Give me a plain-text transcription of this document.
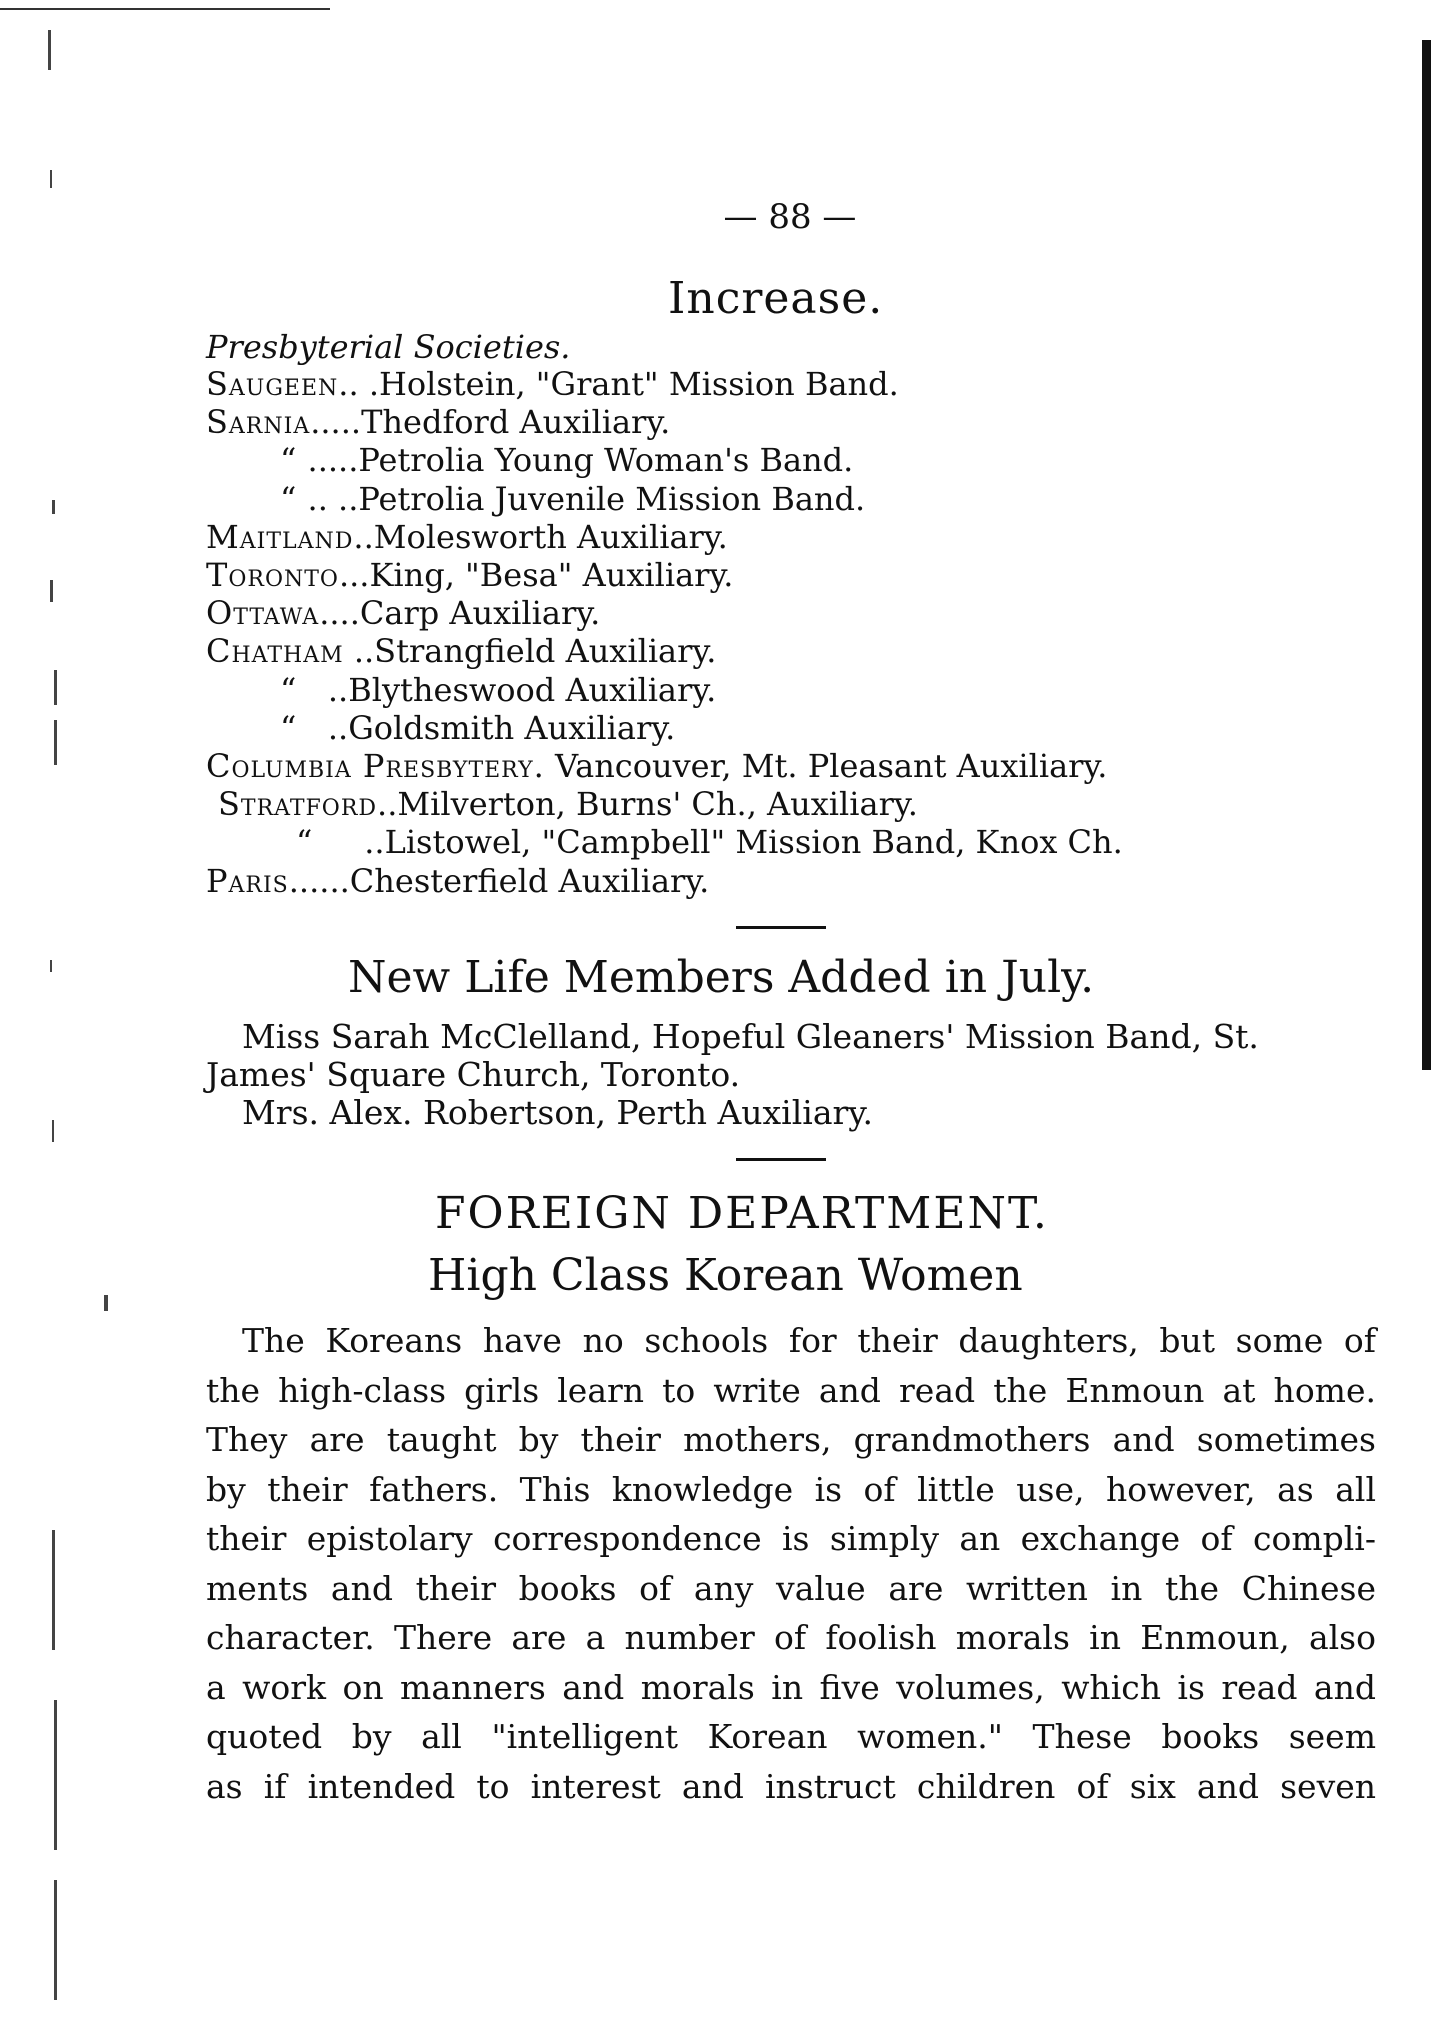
— 88 —
Increase.
Presbyterial Societies.
Saugeen.. .Holstein, "Grant" Mission Band.
Sarnia.....Thedford Auxiliary.
“ .....Petrolia Young Woman's Band.
“ .. ..Petrolia Juvenile Mission Band.
Maitland..Molesworth Auxiliary.
Toronto...King, "Besa" Auxiliary.
Ottawa....Carp Auxiliary.
Chatham ..Strangfield Auxiliary.
“   ..Blytheswood Auxiliary.
“   ..Goldsmith Auxiliary.
Columbia Presbytery. Vancouver, Mt. Pleasant Auxiliary.
Stratford..Milverton, Burns' Ch., Auxiliary.
“     ..Listowel, "Campbell" Mission Band, Knox Ch.
Paris......Chesterfield Auxiliary.
New Life Members Added in July.
Miss Sarah McClelland, Hopeful Gleaners' Mission Band, St.
James' Square Church, Toronto.
Mrs. Alex. Robertson, Perth Auxiliary.
FOREIGN DEPARTMENT.
High Class Korean Women
The Koreans have no schools for their daughters, but some of
the high-class girls learn to write and read the Enmoun at home.
They are taught by their mothers, grandmothers and sometimes
by their fathers. This knowledge is of little use, however, as all
their epistolary correspondence is simply an exchange of compli-
ments and their books of any value are written in the Chinese
character. There are a number of foolish morals in Enmoun, also
a work on manners and morals in five volumes, which is read and
quoted by all "intelligent Korean women." These books seem
as if intended to interest and instruct children of six and seven
